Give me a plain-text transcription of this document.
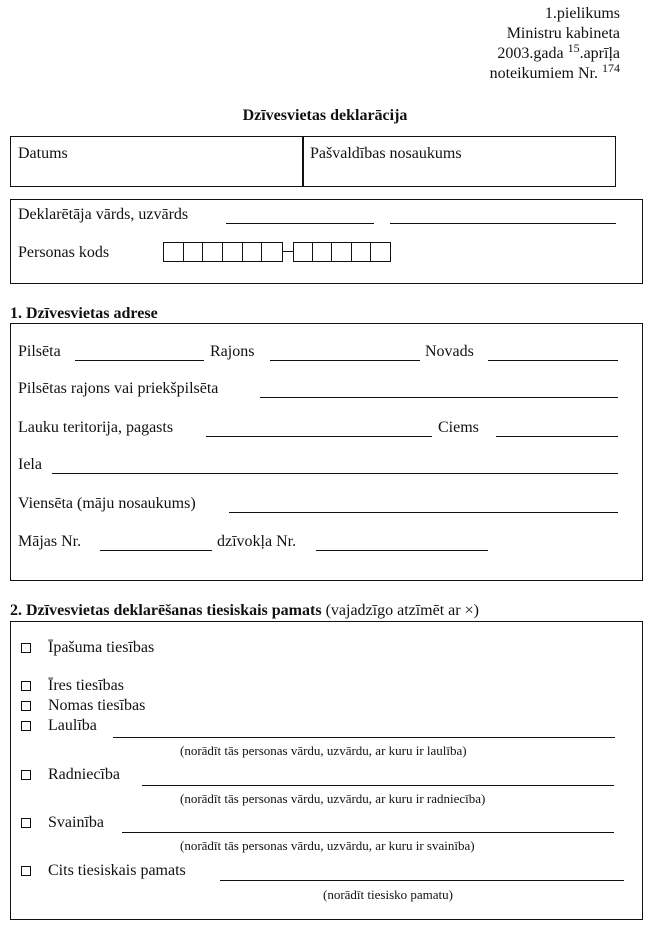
1.pielikums
Ministru kabineta
2003.gada $^{15}$.aprīļa
noteikumiem Nr. $^{174}$
Dzīvesvietas deklarācija
Datums	Pašvaldības nosaukums
Deklarētāja vārds, uzvārds
Personas kods
1. Dzīvesvietas adrese
Pilsēta	Rajons	Novads
Pilsētas rajons vai priekšpilsēta
Lauku teritorija, pagasts	Ciems
Iela
Viensēta (māju nosaukums)
Mājas Nr.	dzīvokļa Nr.
2. Dzīvesvietas deklarēšanas tiesiskais pamats (vajadzīgo atzīmēt ar ×)
Īpašuma tiesības
Īres tiesības
Nomas tiesības
Laulība
(norādīt tās personas vārdu, uzvārdu, ar kuru ir laulība)
Radniecība
(norādīt tās personas vārdu, uzvārdu, ar kuru ir radniecība)
Svainība
(norādīt tās personas vārdu, uzvārdu, ar kuru ir svainība)
Cits tiesiskais pamats
(norādīt tiesisko pamatu)
